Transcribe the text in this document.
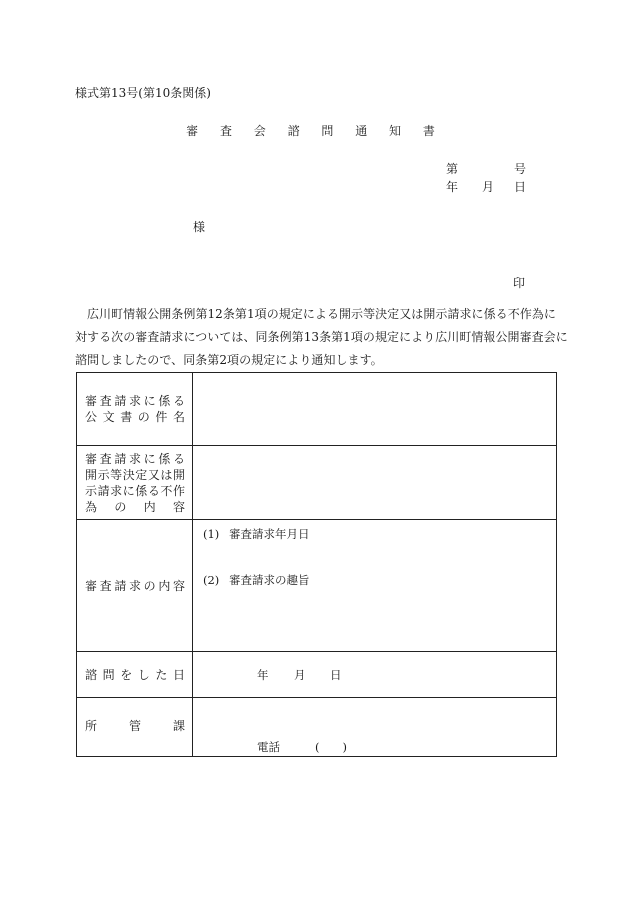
様式第13号(第10条関係)
審 査 会 諮 問 通 知 書
第	号
年 月 日
様
印
広川町情報公開条例第12条第1項の規定による開示等決定又は開示請求に係る不作為に
対する次の審査請求については、同条例第13条第1項の規定により広川町情報公開審査会に
諮問しましたので、同条第2項の規定により通知します。
審査請求に係る
公文書の件名	

審査請求に係る
開示等決定又は開
示請求に係る不作
為の内容	

審査請求の内容	(1) 審査請求年月日
(2) 審査請求の趣旨

諮問をした日	年 月 日

所管課	電話 (　　)
